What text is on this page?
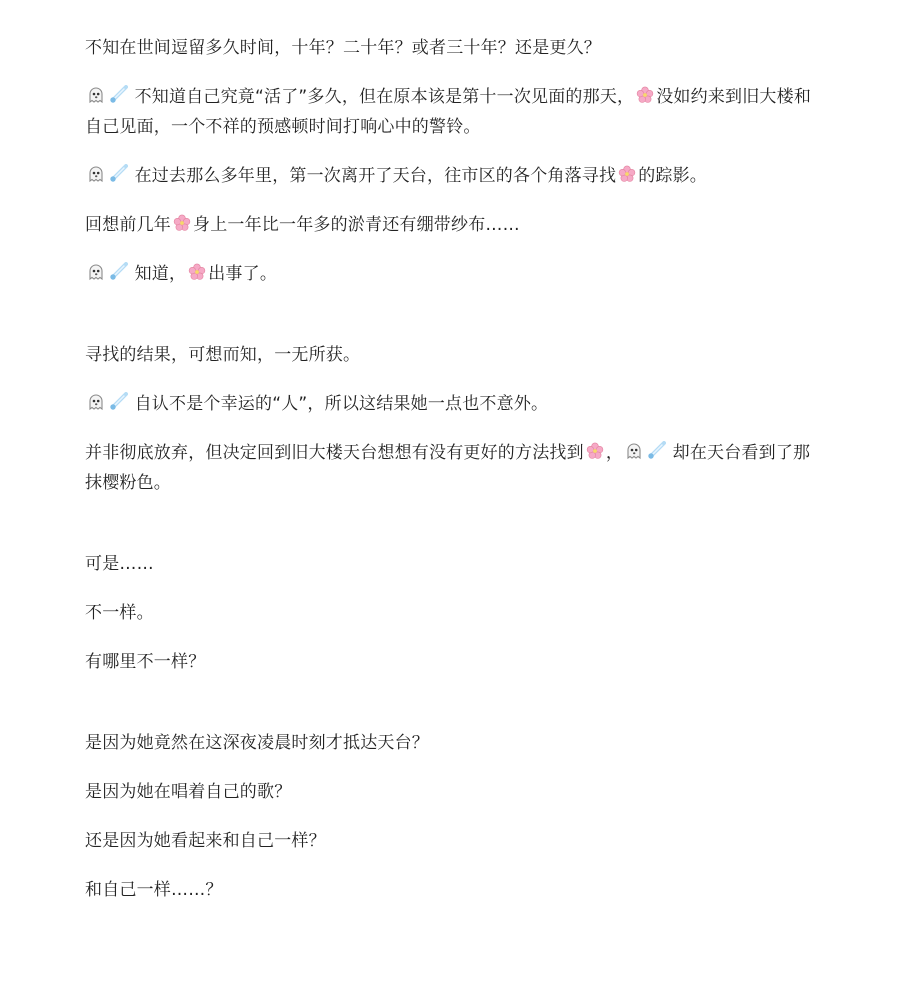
不知在世间逗留多久时间，十年？二十年？或者三十年？还是更久？

不知道自己究竟“活了”多久，但在原本该是第十一次见面的那天， 没如约来到旧大楼和自己见面，一个不祥的预感顿时间打响心中的警铃。

在过去那么多年里，第一次离开了天台，往市区的各个角落寻找 的踪影。

回想前几年 身上一年比一年多的淤青还有绷带纱布……

知道， 出事了。

寻找的结果，可想而知，一无所获。

自认不是个幸运的“人”，所以这结果她一点也不意外。

并非彻底放弃，但决定回到旧大楼天台想想有没有更好的方法找到 ，	却在天台看到了那抹樱粉色。

可是……

不一样。

有哪里不一样？

是因为她竟然在这深夜凌晨时刻才抵达天台？

是因为她在唱着自己的歌？

还是因为她看起来和自己一样？

和自己一样……？
